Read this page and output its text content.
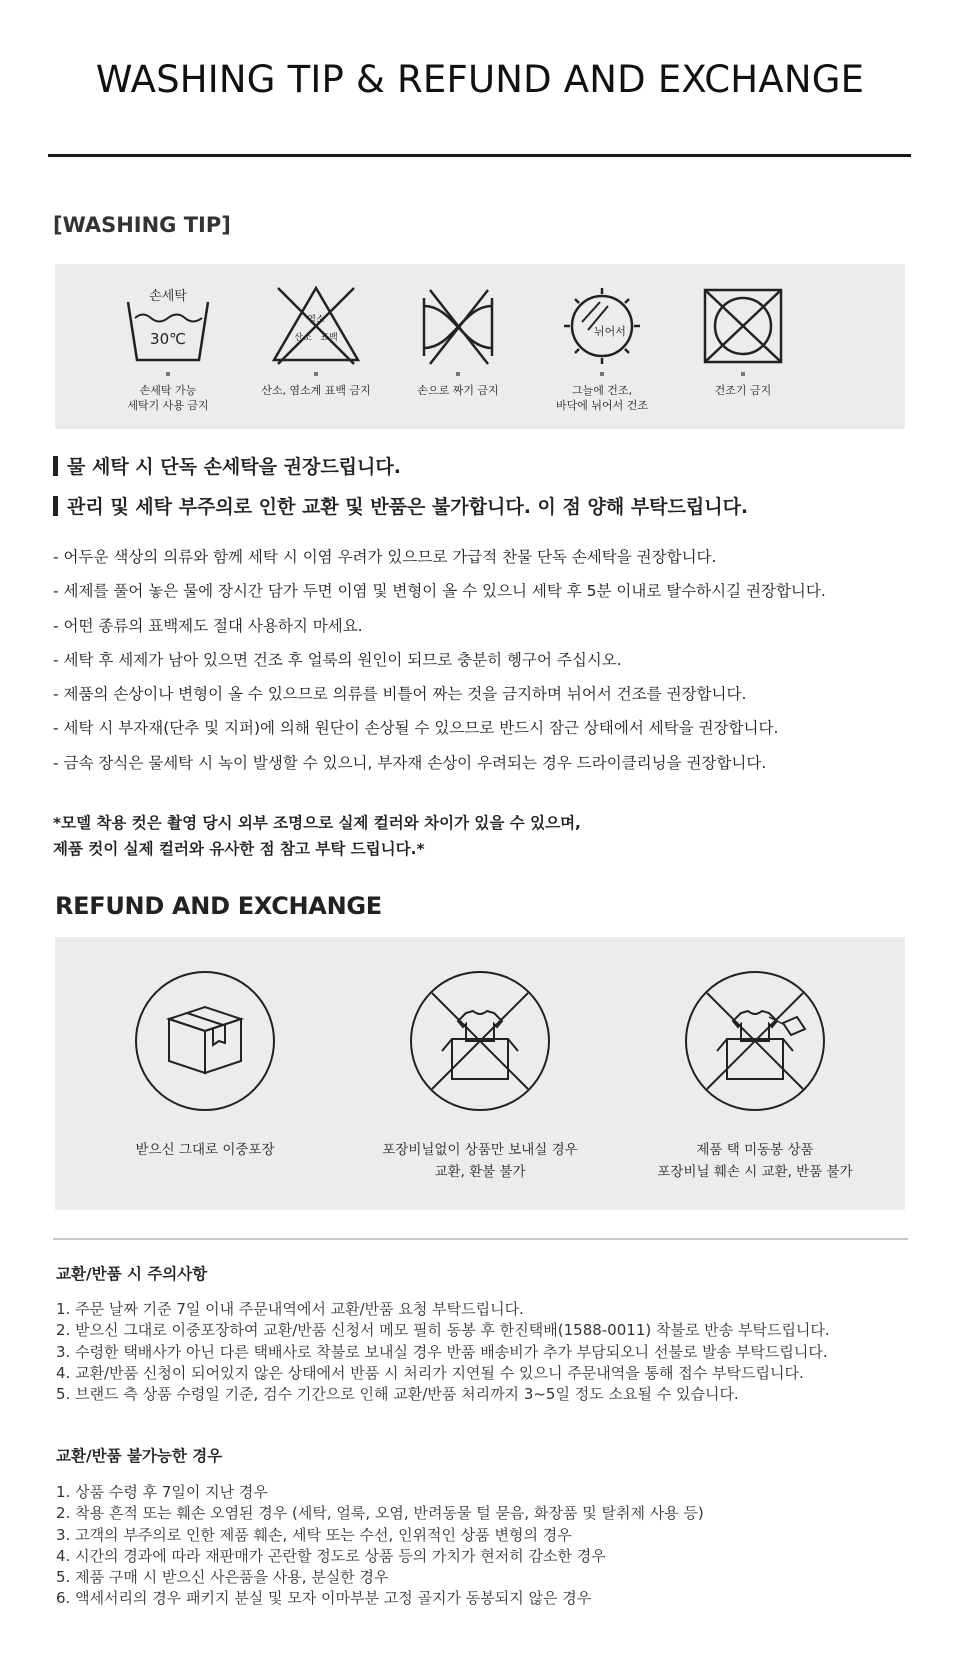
WASHING TIP & REFUND AND EXCHANGE
[WASHING TIP]
손세탁
30℃
손세탁 가능
세탁기 사용 금지
염소
산소 표백
산소, 염소계 표백 금지	손으로 짜기 금지
뉘어서
그늘에 건조,
바닥에 뉘어서 건조
건조기 금지
물 세탁 시 단독 손세탁을 권장드립니다.
관리 및 세탁 부주의로 인한 교환 및 반품은 불가합니다. 이 점 양해 부탁드립니다.
- 어두운 색상의 의류와 함께 세탁 시 이염 우려가 있으므로 가급적 찬물 단독 손세탁을 권장합니다.
- 세제를 풀어 놓은 물에 장시간 담가 두면 이염 및 변형이 올 수 있으니 세탁 후 5분 이내로 탈수하시길 권장합니다.
- 어떤 종류의 표백제도 절대 사용하지 마세요.
- 세탁 후 세제가 남아 있으면 건조 후 얼룩의 원인이 되므로 충분히 헹구어 주십시오.
- 제품의 손상이나 변형이 올 수 있으므로 의류를 비틀어 짜는 것을 금지하며 뉘어서 건조를 권장합니다.
- 세탁 시 부자재(단추 및 지퍼)에 의해 원단이 손상될 수 있으므로 반드시 잠근 상태에서 세탁을 권장합니다.
- 금속 장식은 물세탁 시 녹이 발생할 수 있으니, 부자재 손상이 우려되는 경우 드라이클리닝을 권장합니다.
*모델 착용 컷은 촬영 당시 외부 조명으로 실제 컬러와 차이가 있을 수 있으며,
제품 컷이 실제 컬러와 유사한 점 참고 부탁 드립니다.*
REFUND AND EXCHANGE
받으신 그대로 이중포장	포장비닐없이 상품만 보내실 경우
교환, 환불 불가
제품 택 미동봉 상품
포장비닐 훼손 시 교환, 반품 불가
교환/반품 시 주의사항
1. 주문 날짜 기준 7일 이내 주문내역에서 교환/반품 요청 부탁드립니다.
2. 받으신 그대로 이중포장하여 교환/반품 신청서 메모 필히 동봉 후 한진택배(1588-0011) 착불로 반송 부탁드립니다.
3. 수령한 택배사가 아닌 다른 택배사로 착불로 보내실 경우 반품 배송비가 추가 부담되오니 선불로 발송 부탁드립니다.
4. 교환/반품 신청이 되어있지 않은 상태에서 반품 시 처리가 지연될 수 있으니 주문내역을 통해 접수 부탁드립니다.
5. 브랜드 측 상품 수령일 기준, 검수 기간으로 인해 교환/반품 처리까지 3~5일 정도 소요될 수 있습니다.
교환/반품 불가능한 경우
1. 상품 수령 후 7일이 지난 경우
2. 착용 흔적 또는 훼손 오염된 경우 (세탁, 얼룩, 오염, 반려동물 털 묻음, 화장품 및 탈취제 사용 등)
3. 고객의 부주의로 인한 제품 훼손, 세탁 또는 수선, 인위적인 상품 변형의 경우
4. 시간의 경과에 따라 재판매가 곤란할 정도로 상품 등의 가치가 현저히 감소한 경우
5. 제품 구매 시 받으신 사은품을 사용, 분실한 경우
6. 액세서리의 경우 패키지 분실 및 모자 이마부분 고정 골지가 동봉되지 않은 경우
